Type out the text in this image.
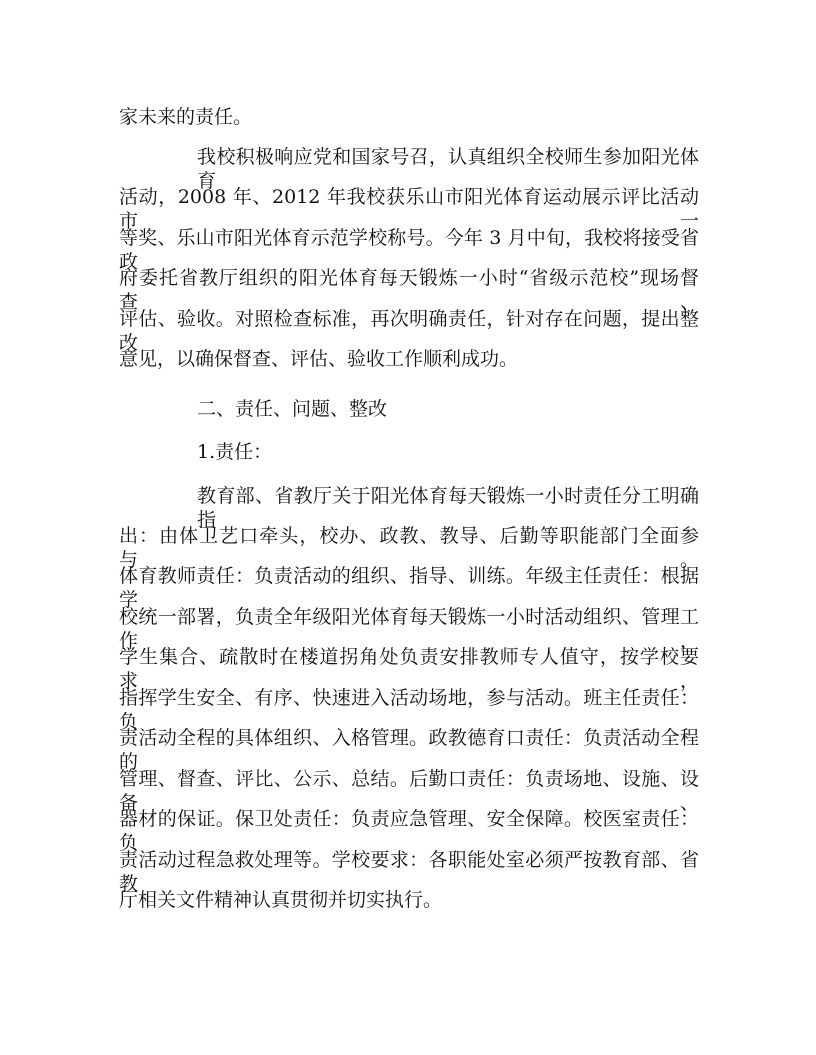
家未来的责任。

我校积极响应党和国家号召，认真组织全校师生参加阳光体育

活动，2008 年、2012 年我校获乐山市阳光体育运动展示评比活动市一

等奖、乐山市阳光体育示范学校称号。今年 3 月中旬，我校将接受省政

府委托省教厅组织的阳光体育每天锻炼一小时“省级示范校”现场督查、

评估、验收。对照检查标准，再次明确责任，针对存在问题，提出整改

意见，以确保督查、评估、验收工作顺利成功。

二、责任、问题、整改

1.责任：

教育部、省教厅关于阳光体育每天锻炼一小时责任分工明确指

出：由体卫艺口牵头，校办、政教、教导、后勤等职能部门全面参与。

体育教师责任：负责活动的组织、指导、训练。年级主任责任：根据学

校统一部署，负责全年级阳光体育每天锻炼一小时活动组织、管理工作，

学生集合、疏散时在楼道拐角处负责安排教师专人值守，按学校要求，

指挥学生安全、有序、快速进入活动场地，参与活动。班主任责任：负

责活动全程的具体组织、入格管理。政教德育口责任：负责活动全程的

管理、督查、评比、公示、总结。后勤口责任：负责场地、设施、设备、

器材的保证。保卫处责任：负责应急管理、安全保障。校医室责任：负

责活动过程急救处理等。学校要求：各职能处室必须严按教育部、省教

厅相关文件精神认真贯彻并切实执行。
